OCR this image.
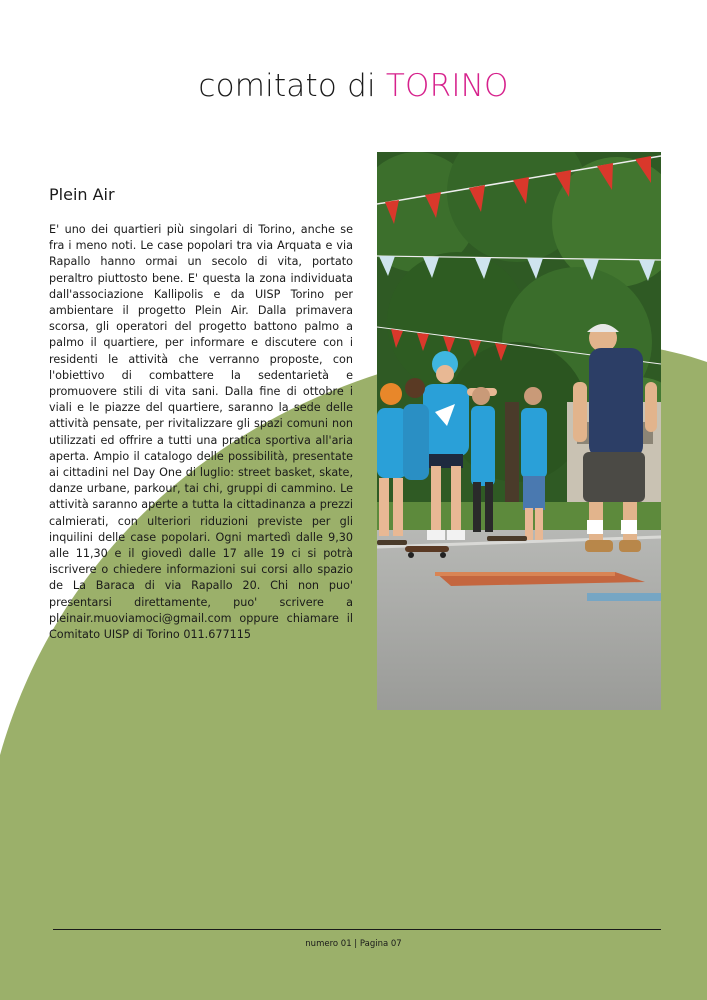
comitato di TORINO
Plein Air
E' uno dei quartieri più singolari di Torino, anche se fra i meno noti. Le case popolari tra via Arquata e via Rapallo hanno ormai un secolo di vita, portato peraltro piuttosto bene. E' questa la zona individuata dall'associazione Kallipolis e da UISP Torino per ambientare il progetto Plein Air. Dalla primavera scorsa, gli operatori del progetto battono palmo a palmo il quartiere, per informare e discutere con i residenti le attività che verranno proposte, con l'obiettivo di combattere la sedentarietà e promuovere stili di vita sani. Dalla fine di ottobre i viali e le piazze del quartiere, saranno la sede delle attività pensate, per rivitalizzare gli spazi comuni non utilizzati ed offrire a tutti una pratica sportiva all'aria aperta. Ampio il catalogo delle possibilità, presentate ai cittadini nel Day One di luglio: street basket, skate, danze urbane, parkour, tai chi, gruppi di cammino. Le attività saranno aperte a tutta la cittadinanza a prezzi calmierati, con ulteriori riduzioni previste per gli inquilini delle case popolari. Ogni martedì dalle 9,30 alle 11,30 e il giovedì dalle 17 alle 19 ci si potrà iscrivere o chiedere informazioni sui corsi allo spazio de La Baraca di via Rapallo 20. Chi non puo' presentarsi direttamente, puo' scrivere a pleinair.muoviamoci@gmail.com oppure chiamare il Comitato UISP di Torino 011.677115
numero 01 | Pagina 07
